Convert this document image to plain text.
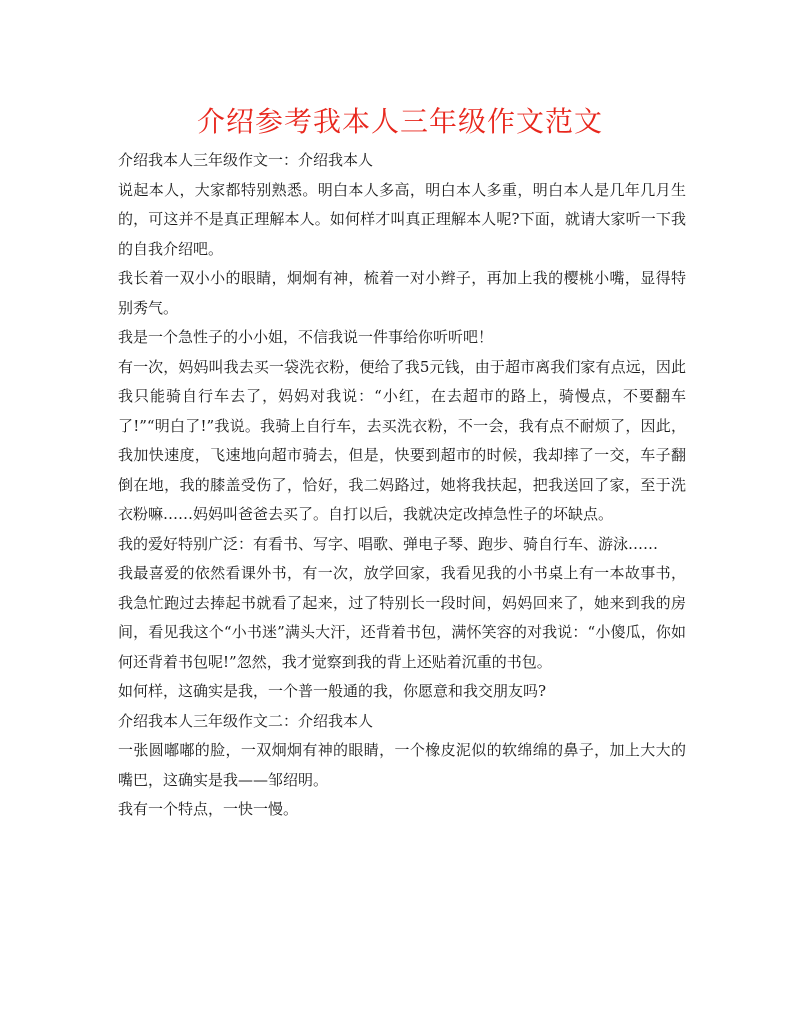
介绍参考我本人三年级作文范文

介绍我本人三年级作文一：介绍我本人

说起本人，大家都特别熟悉。明白本人多高，明白本人多重，明白本人是几年几月生的，可这并不是真正理解本人。如何样才叫真正理解本人呢?下面，就请大家听一下我的自我介绍吧。

我长着一双小小的眼睛，炯炯有神，梳着一对小辫子，再加上我的樱桃小嘴，显得特别秀气。

我是一个急性子的小小姐，不信我说一件事给你听听吧！

有一次，妈妈叫我去买一袋洗衣粉，便给了我5元钱，由于超市离我们家有点远，因此我只能骑自行车去了，妈妈对我说：“小红，在去超市的路上，骑慢点，不要翻车了!”“明白了!”我说。我骑上自行车，去买洗衣粉，不一会，我有点不耐烦了，因此，我加快速度，飞速地向超市骑去，但是，快要到超市的时候，我却摔了一交，车子翻倒在地，我的膝盖受伤了，恰好，我二妈路过，她将我扶起，把我送回了家，至于洗衣粉嘛……妈妈叫爸爸去买了。自打以后，我就决定改掉急性子的坏缺点。

我的爱好特别广泛：有看书、写字、唱歌、弹电子琴、跑步、骑自行车、游泳……

我最喜爱的依然看课外书，有一次，放学回家，我看见我的小书桌上有一本故事书，我急忙跑过去捧起书就看了起来，过了特别长一段时间，妈妈回来了，她来到我的房间，看见我这个“小书迷”满头大汗，还背着书包，满怀笑容的对我说：“小傻瓜，你如何还背着书包呢!”忽然，我才觉察到我的背上还贴着沉重的书包。

如何样，这确实是我，一个普一般通的我，你愿意和我交朋友吗?

介绍我本人三年级作文二：介绍我本人

一张圆嘟嘟的脸，一双炯炯有神的眼睛，一个橡皮泥似的软绵绵的鼻子，加上大大的嘴巴，这确实是我——邹绍明。

我有一个特点，一快一慢。
